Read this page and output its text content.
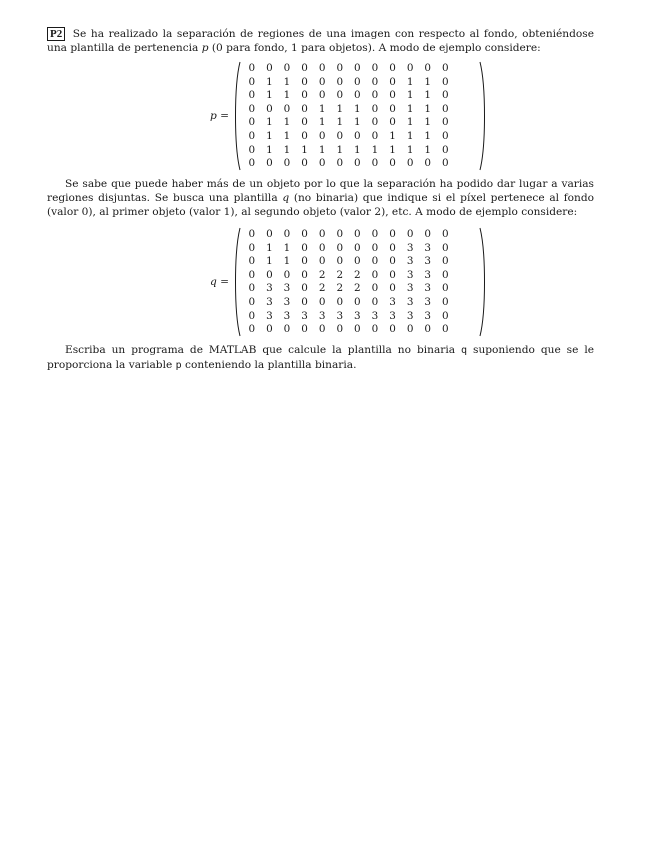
P2 Se ha realizado la separación de regiones de una imagen con respecto al fondo, obteniéndose una plantilla de pertenencia p (0 para fondo, 1 para objetos). A modo de ejemplo considere:

p =
0	0	0	0	0	0	0	0	0	0	0	0
0	1	1	0	0	0	0	0	0	1	1	0
0	1	1	0	0	0	0	0	0	1	1	0
0	0	0	0	1	1	1	0	0	1	1	0
0	1	1	0	1	1	1	0	0	1	1	0
0	1	1	0	0	0	0	0	1	1	1	0
0	1	1	1	1	1	1	1	1	1	1	0
0	0	0	0	0	0	0	0	0	0	0	0

Se sabe que puede haber más de un objeto por lo que la separación ha podido dar lugar a varias regiones disjuntas. Se busca una plantilla q (no binaria) que indique si el píxel pertenece al fondo (valor 0), al primer objeto (valor 1), al segundo objeto (valor 2), etc. A modo de ejemplo considere:

q =
0	0	0	0	0	0	0	0	0	0	0	0
0	1	1	0	0	0	0	0	0	3	3	0
0	1	1	0	0	0	0	0	0	3	3	0
0	0	0	0	2	2	2	0	0	3	3	0
0	3	3	0	2	2	2	0	0	3	3	0
0	3	3	0	0	0	0	0	3	3	3	0
0	3	3	3	3	3	3	3	3	3	3	0
0	0	0	0	0	0	0	0	0	0	0	0

Escriba un programa de MATLAB que calcule la plantilla no binaria q suponiendo que se le proporciona la variable p conteniendo la plantilla binaria.
